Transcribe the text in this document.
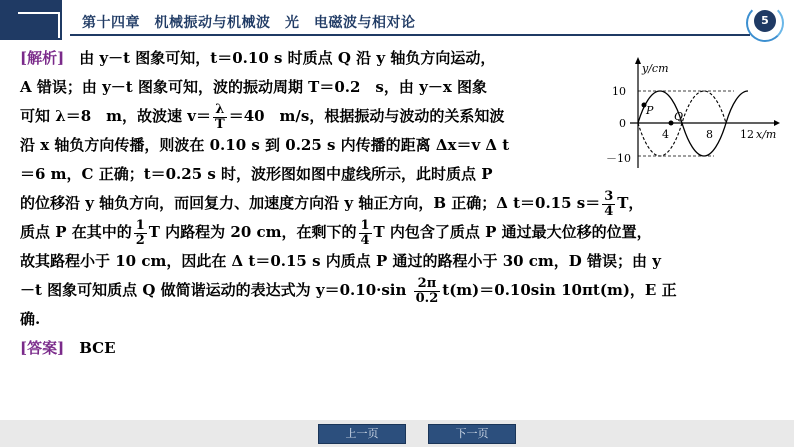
第十四章　机械振动与机械波　光　电磁波与相对论	5
[解析]　由 y－t 图象可知，t＝0.10 s 时质点 Q 沿 y 轴负方向运动，
A 错误；由 y－t 图象可知，波的振动周期 T＝0.2　s，由 y－x 图象
可知 λ＝8　m，故波速 $v= \frac{\lambda}{T} =40$　m/s，根据振动与波动的关系知波
沿 x 轴负方向传播，则波在 0.10 s 到 0.25 s 内传播的距离 Δx＝v Δ t
＝6 m，C 正确；t＝0.25 s 时，波形图如图中虚线所示，此时质点 P
的位移沿 y 轴负方向，而回复力、加速度方向沿 y 轴正方向，B 正确；Δ t＝0.15 $s= \frac{3}{4}$ T，
质点 P 在其中的 $\frac{1}{2}$ T 内路程为 20 cm，在剩下的 $\frac{1}{4}$ T 内包含了质点 P 通过最大位移的位置，
故其路程小于 10 cm，因此在 Δ t＝0.15 s 内质点 P 通过的路程小于 30 cm，D 错误；由 y
－t 图象可知质点 Q 做简谐运动的表达式为 $y=0.10\cdot\sin \frac{2\pi}{0.2} t(m)=0.10\sin$ 10πt(m)，E 正
确.
[答案]　BCE
y/cm
x/m
10
0
－10
4	8 12
P Q
上一页	下一页
